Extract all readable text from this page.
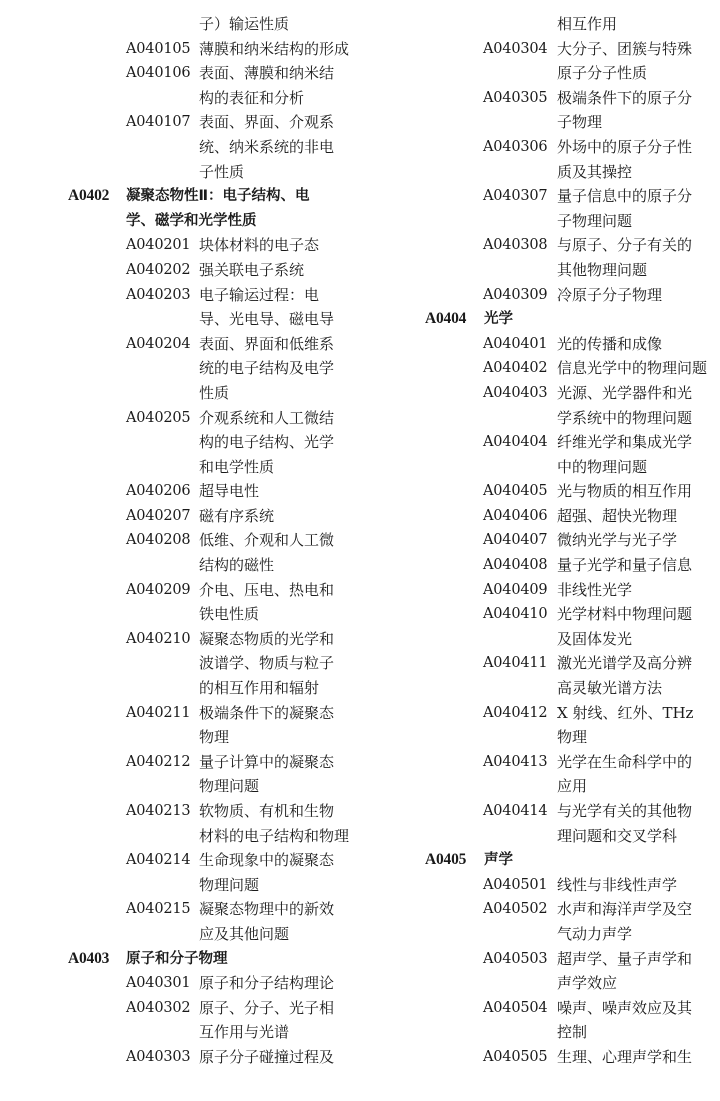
子）输运性质
A040105 薄膜和纳米结构的形成
A040106 表面、薄膜和纳米结
构的表征和分析
A040107 表面、界面、介观系
统、纳米系统的非电
子性质
A0402 凝聚态物性Ⅱ：电子结构、电
学、磁学和光学性质
A040201 块体材料的电子态
A040202 强关联电子系统
A040203 电子输运过程：电
导、光电导、磁电导
A040204 表面、界面和低维系
统的电子结构及电学
性质
A040205 介观系统和人工微结
构的电子结构、光学
和电学性质
A040206 超导电性
A040207 磁有序系统
A040208 低维、介观和人工微
结构的磁性
A040209 介电、压电、热电和
铁电性质
A040210 凝聚态物质的光学和
波谱学、物质与粒子
的相互作用和辐射
A040211 极端条件下的凝聚态
物理
A040212 量子计算中的凝聚态
物理问题
A040213 软物质、有机和生物
材料的电子结构和物理
A040214 生命现象中的凝聚态
物理问题
A040215 凝聚态物理中的新效
应及其他问题
A0403 原子和分子物理
A040301 原子和分子结构理论
A040302 原子、分子、光子相
互作用与光谱
A040303 原子分子碰撞过程及
相互作用
A040304 大分子、团簇与特殊
原子分子性质
A040305 极端条件下的原子分
子物理
A040306 外场中的原子分子性
质及其操控
A040307 量子信息中的原子分
子物理问题
A040308 与原子、分子有关的
其他物理问题
A040309 冷原子分子物理
A0404 光学
A040401 光的传播和成像
A040402 信息光学中的物理问题
A040403 光源、光学器件和光
学系统中的物理问题
A040404 纤维光学和集成光学
中的物理问题
A040405 光与物质的相互作用
A040406 超强、超快光物理
A040407 微纳光学与光子学
A040408 量子光学和量子信息
A040409 非线性光学
A040410 光学材料中物理问题
及固体发光
A040411 激光光谱学及高分辨
高灵敏光谱方法
A040412 X 射线、红外、THz
物理
A040413 光学在生命科学中的
应用
A040414 与光学有关的其他物
理问题和交叉学科
A0405 声学
A040501 线性与非线性声学
A040502 水声和海洋声学及空
气动力声学
A040503 超声学、量子声学和
声学效应
A040504 噪声、噪声效应及其
控制
A040505 生理、心理声学和生
